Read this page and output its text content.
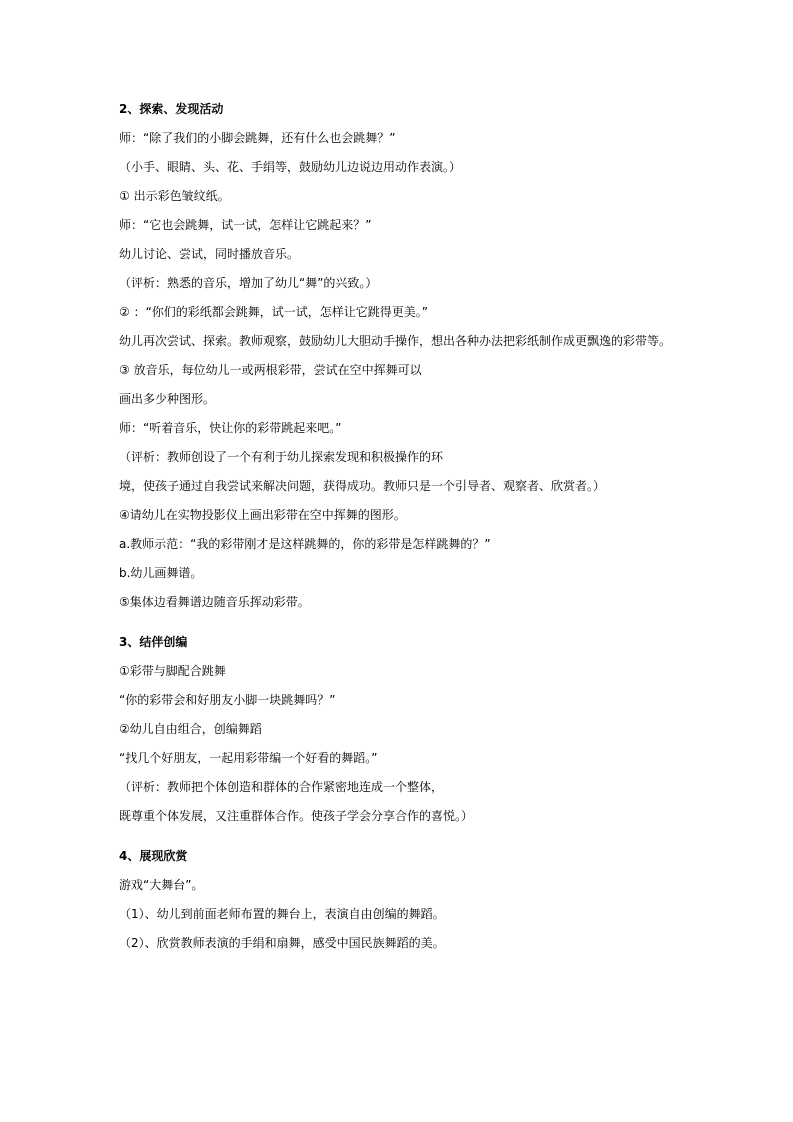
2、探索、发现活动
师：“除了我们的小脚会跳舞，还有什么也会跳舞？”
（小手、眼睛、头、花、手绢等，鼓励幼儿边说边用动作表演。）
① 出示彩色皱纹纸。
师：“它也会跳舞，试一试，怎样让它跳起来？”
幼儿讨论、尝试，同时播放音乐。
（评析：熟悉的音乐，增加了幼儿“舞”的兴致。）
② ：“你们的彩纸都会跳舞，试一试，怎样让它跳得更美。”
幼儿再次尝试、探索。教师观察，鼓励幼儿大胆动手操作，想出各种办法把彩纸制作成更飘逸的彩带等。
③ 放音乐，每位幼儿一或两根彩带，尝试在空中挥舞可以
画出多少种图形。
师：“听着音乐，快让你的彩带跳起来吧。”
（评析：教师创设了一个有利于幼儿探索发现和积极操作的环
境，使孩子通过自我尝试来解决问题，获得成功。教师只是一个引导者、观察者、欣赏者。）
④请幼儿在实物投影仪上画出彩带在空中挥舞的图形。
a.教师示范：“我的彩带刚才是这样跳舞的，你的彩带是怎样跳舞的？”
b.幼儿画舞谱。
⑤集体边看舞谱边随音乐挥动彩带。
3、结伴创编
①彩带与脚配合跳舞
“你的彩带会和好朋友小脚一块跳舞吗？”
②幼儿自由组合，创编舞蹈
“找几个好朋友，一起用彩带编一个好看的舞蹈。”
（评析：教师把个体创造和群体的合作紧密地连成一个整体，
既尊重个体发展，又注重群体合作。使孩子学会分享合作的喜悦。）
4、展现欣赏
游戏“大舞台”。
（1）、幼儿到前面老师布置的舞台上，表演自由创编的舞蹈。
（2）、欣赏教师表演的手绢和扇舞，感受中国民族舞蹈的美。
